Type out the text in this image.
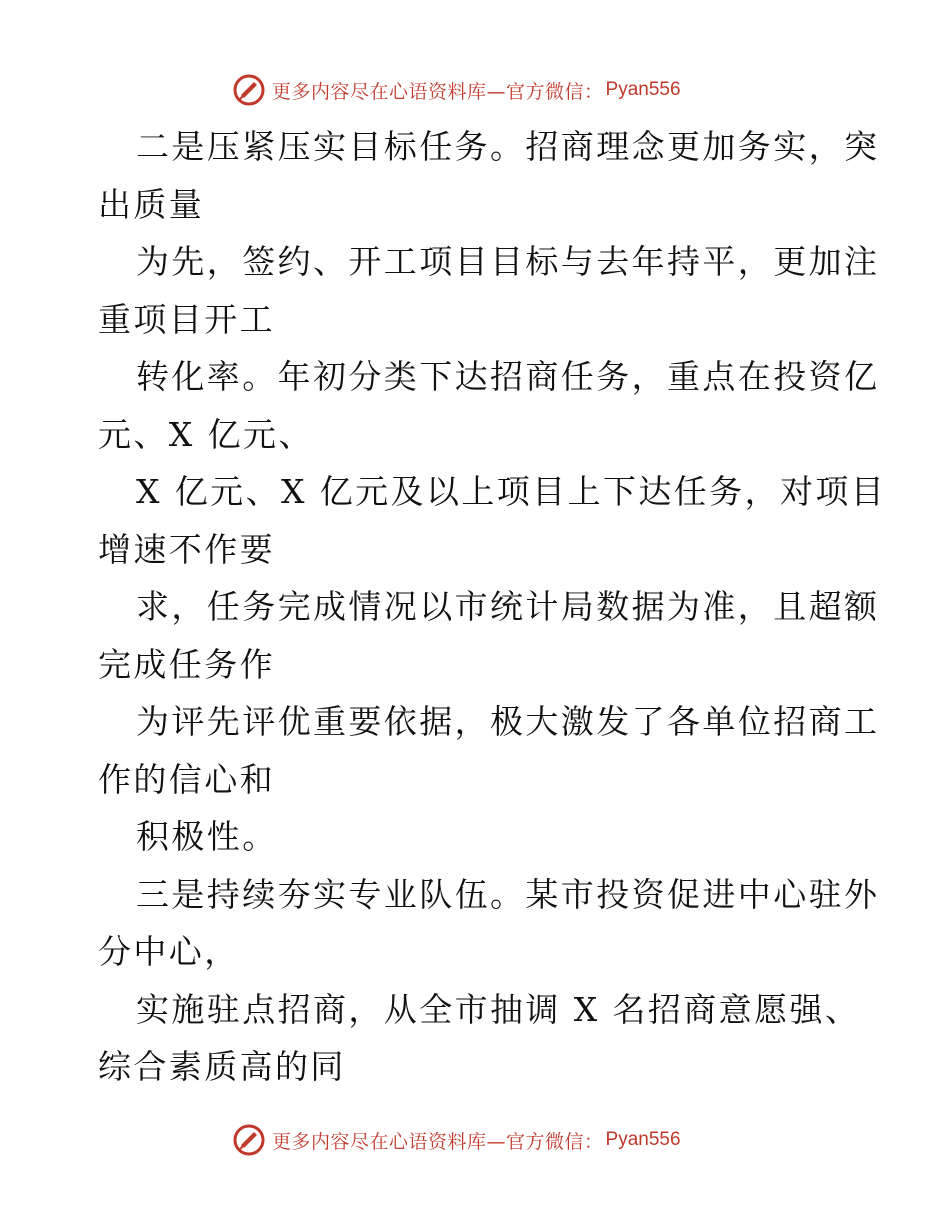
更多内容尽在心语资料库—官方微信： Pyan556
二是压紧压实目标任务。招商理念更加务实，突
出质量
为先，签约、开工项目目标与去年持平，更加注
重项目开工
转化率。年初分类下达招商任务，重点在投资亿
元、X 亿元、
X 亿元、X 亿元及以上项目上下达任务，对项目
增速不作要
求，任务完成情况以市统计局数据为准，且超额
完成任务作
为评先评优重要依据，极大激发了各单位招商工
作的信心和
积极性。
三是持续夯实专业队伍。某市投资促进中心驻外
分中心，
实施驻点招商，从全市抽调 X 名招商意愿强、
综合素质高的同
更多内容尽在心语资料库—官方微信： Pyan556
